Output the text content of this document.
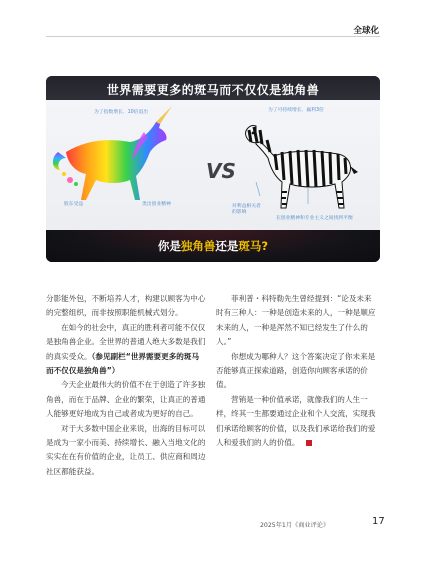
全球化
世界需要更多的斑马而不仅仅是独角兽
VS
为了指数增长、10倍退出
股东受益	类出创业精神
为了可持续增长、赢利3倍
对利益相关者的影响
在创业精神和专业主义之间找到平衡
你是独角兽还是斑马?

分影能外包，不断培养人才，构建以顾客为中心的完整组织，而非按照职能机械式划分。

在如今的社会中，真正的胜利者可能不仅仅是独角兽企业。全世界的普通人绝大多数是我们的真实受众。（参见副栏“世界需要更多的斑马而不仅仅是独角兽”）

今天企业最伟大的价值不在于创造了许多独角兽，而在于品牌、企业的繁荣，让真正的普通人能够更好地成为自己或者成为更好的自己。

对于大多数中国企业来说，出海的目标可以是成为一家小而美、持续增长、融入当地文化的实实在在有价值的企业，让员工、供应商和周边社区都能获益。

菲利普・科特勒先生曾经提到：“论及未来时有三种人：一种是创造未来的人，一种是顺应未来的人，一种是浑然不知已经发生了什么的人。”

你想成为哪种人？这个答案决定了你未来是否能够真正探索道路，创造你向顾客承诺的价值。

营销是一种价值承诺，就像我们的人生一样，终其一生都要通过企业和个人交流，实现我们承诺给顾客的价值，以及我们承诺给我们的爱人和爱我们的人的价值。

2025年1月《商业评论》	17
